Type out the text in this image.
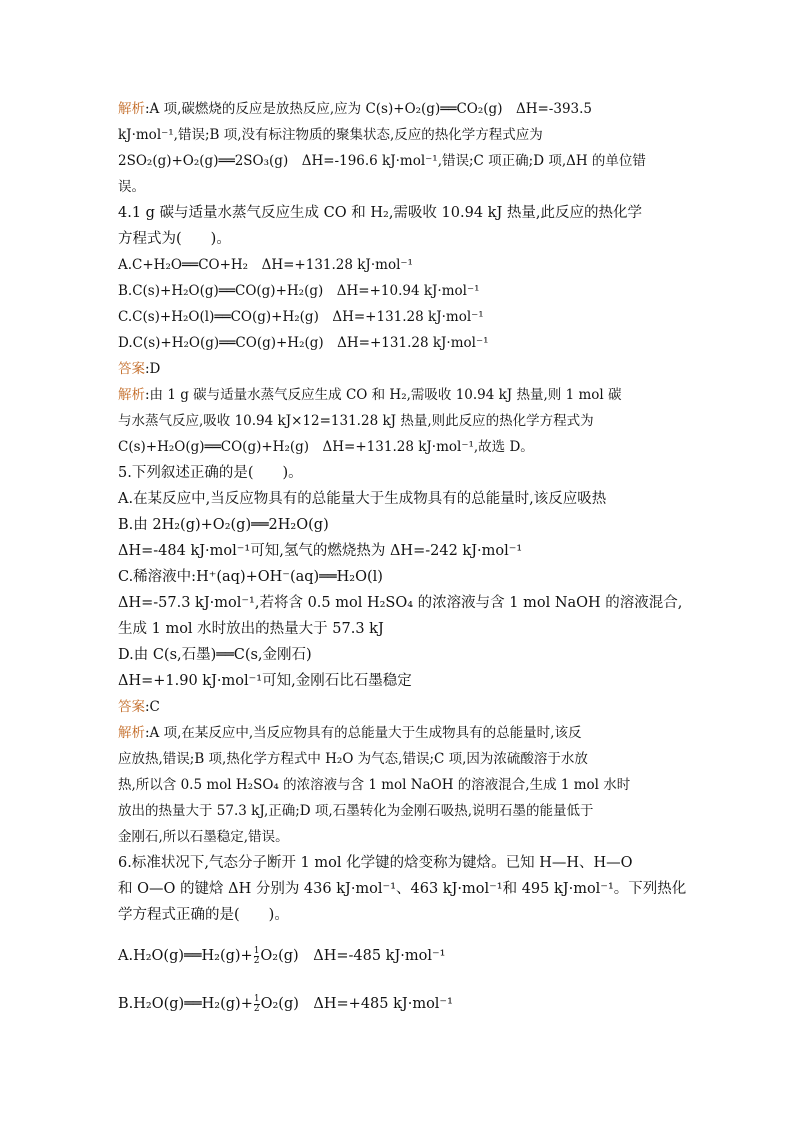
解析:A 项,碳燃烧的反应是放热反应,应为 C(s)+O₂(g)══CO₂(g)　ΔH=-393.5
kJ·mol⁻¹,错误;B 项,没有标注物质的聚集状态,反应的热化学方程式应为
2SO₂(g)+O₂(g)══2SO₃(g)　ΔH=-196.6 kJ·mol⁻¹,错误;C 项正确;D 项,ΔH 的单位错
误。
4.1 g 碳与适量水蒸气反应生成 CO 和 H₂,需吸收 10.94 kJ 热量,此反应的热化学
方程式为(　　)。
A.C+H₂O══CO+H₂　ΔH=+131.28 kJ·mol⁻¹
B.C(s)+H₂O(g)══CO(g)+H₂(g)　ΔH=+10.94 kJ·mol⁻¹
C.C(s)+H₂O(l)══CO(g)+H₂(g)　ΔH=+131.28 kJ·mol⁻¹
D.C(s)+H₂O(g)══CO(g)+H₂(g)　ΔH=+131.28 kJ·mol⁻¹
答案:D
解析:由 1 g 碳与适量水蒸气反应生成 CO 和 H₂,需吸收 10.94 kJ 热量,则 1 mol 碳
与水蒸气反应,吸收 10.94 kJ×12=131.28 kJ 热量,则此反应的热化学方程式为
C(s)+H₂O(g)══CO(g)+H₂(g)　ΔH=+131.28 kJ·mol⁻¹,故选 D。
5.下列叙述正确的是(　　)。
A.在某反应中,当反应物具有的总能量大于生成物具有的总能量时,该反应吸热
B.由 2H₂(g)+O₂(g)══2H₂O(g)
ΔH=-484 kJ·mol⁻¹可知,氢气的燃烧热为 ΔH=-242 kJ·mol⁻¹
C.稀溶液中:H⁺(aq)+OH⁻(aq)══H₂O(l)
ΔH=-57.3 kJ·mol⁻¹,若将含 0.5 mol H₂SO₄ 的浓溶液与含 1 mol NaOH 的溶液混合,
生成 1 mol 水时放出的热量大于 57.3 kJ
D.由 C(s,石墨)══C(s,金刚石)
ΔH=+1.90 kJ·mol⁻¹可知,金刚石比石墨稳定
答案:C
解析:A 项,在某反应中,当反应物具有的总能量大于生成物具有的总能量时,该反
应放热,错误;B 项,热化学方程式中 H₂O 为气态,错误;C 项,因为浓硫酸溶于水放
热,所以含 0.5 mol H₂SO₄ 的浓溶液与含 1 mol NaOH 的溶液混合,生成 1 mol 水时
放出的热量大于 57.3 kJ,正确;D 项,石墨转化为金刚石吸热,说明石墨的能量低于
金刚石,所以石墨稳定,错误。
6.标准状况下,气态分子断开 1 mol 化学键的焓变称为键焓。已知 H—H、H—O
和 O—O 的键焓 ΔH 分别为 436 kJ·mol⁻¹、463 kJ·mol⁻¹和 495 kJ·mol⁻¹。下列热化
学方程式正确的是(　　)。
A.H₂O(g)══H₂(g)+ $\frac{1}{2} O_2(g)$　ΔH=-485 kJ·mol⁻¹
B.H₂O(g)══H₂(g)+ $\frac{1}{2} O_2(g)$　ΔH=+485 kJ·mol⁻¹
